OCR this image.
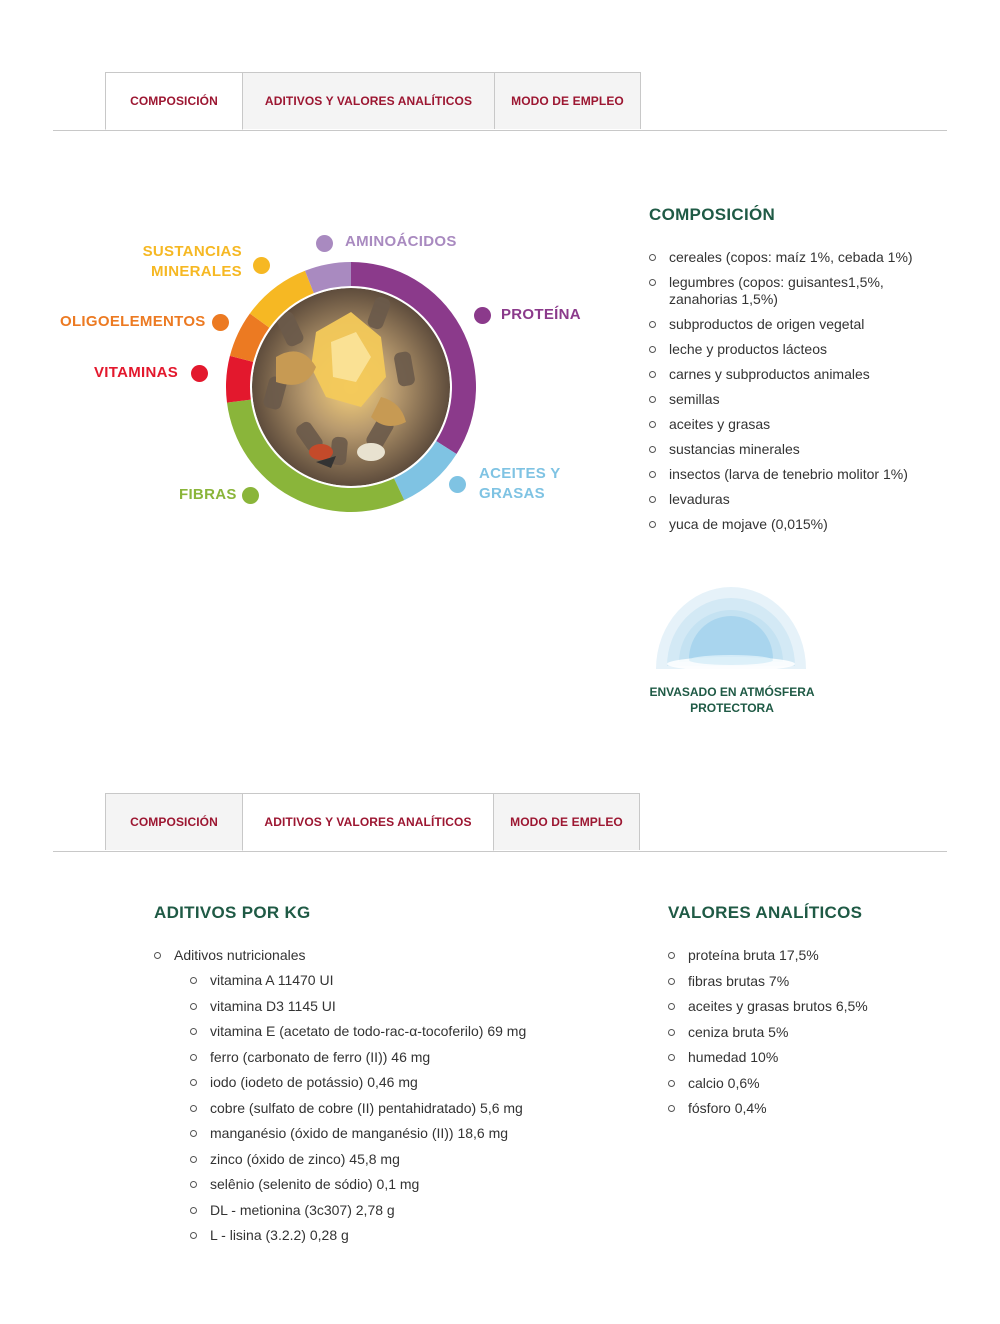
COMPOSICIÓN	ADITIVOS Y VALORES ANALÍTICOS	MODO DE EMPLEO
AMINOÁCIDOS
PROTEÍNA
SUSTANCIAS
MINERALES
OLIGOELEMENTOS
VITAMINAS
ACEITES Y
GRASAS
FIBRAS
COMPOSICIÓN
cereales (copos: maíz 1%, cebada 1%)
legumbres (copos: guisantes1,5%,
zanahorias 1,5%)
subproductos de origen vegetal
leche y productos lácteos
carnes y subproductos animales
semillas
aceites y grasas
sustancias minerales
insectos (larva de tenebrio molitor 1%)
levaduras
yuca de mojave (0,015%)
ENVASADO EN ATMÓSFERA
PROTECTORA
COMPOSICIÓN	ADITIVOS Y VALORES ANALÍTICOS	MODO DE EMPLEO
ADITIVOS POR KG
Aditivos nutricionales
vitamina A 11470 UI
vitamina D3 1145 UI
vitamina E (acetato de todo-rac-α-tocoferilo) 69 mg
ferro (carbonato de ferro (II)) 46 mg
iodo (iodeto de potássio) 0,46 mg
cobre (sulfato de cobre (II) pentahidratado) 5,6 mg
manganésio (óxido de manganésio (II)) 18,6 mg
zinco (óxido de zinco) 45,8 mg
selênio (selenito de sódio) 0,1 mg
DL - metionina (3c307) 2,78 g
L - lisina (3.2.2) 0,28 g
VALORES ANALÍTICOS
proteína bruta 17,5%
fibras brutas 7%
aceites y grasas brutos 6,5%
ceniza bruta 5%
humedad 10%
calcio 0,6%
fósforo 0,4%
